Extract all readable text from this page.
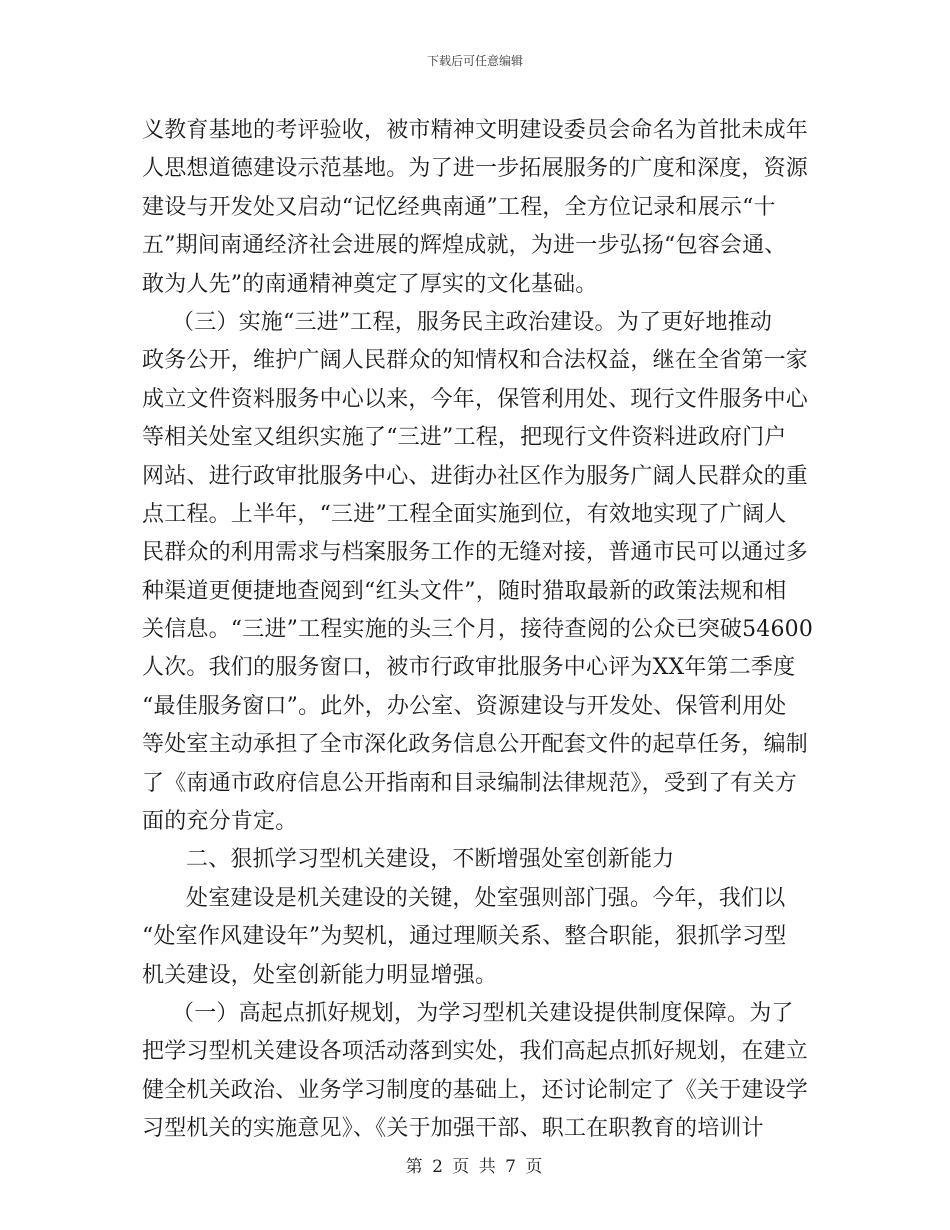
下载后可任意编辑
义教育基地的考评验收，被市精神文明建设委员会命名为首批未成年
人思想道德建设示范基地。为了进一步拓展服务的广度和深度，资源
建设与开发处又启动“记忆经典南通”工程，全方位记录和展示“十
五”期间南通经济社会进展的辉煌成就，为进一步弘扬“包容会通、
敢为人先”的南通精神奠定了厚实的文化基础。
（三）实施“三进”工程，服务民主政治建设。为了更好地推动
政务公开，维护广阔人民群众的知情权和合法权益，继在全省第一家
成立文件资料服务中心以来，今年，保管利用处、现行文件服务中心
等相关处室又组织实施了“三进”工程，把现行文件资料进政府门户
网站、进行政审批服务中心、进街办社区作为服务广阔人民群众的重
点工程。上半年，“三进”工程全面实施到位，有效地实现了广阔人
民群众的利用需求与档案服务工作的无缝对接，普通市民可以通过多
种渠道更便捷地查阅到“红头文件”，随时猎取最新的政策法规和相
关信息。“三进”工程实施的头三个月，接待查阅的公众已突破54600
人次。我们的服务窗口，被市行政审批服务中心评为XX年第二季度
“最佳服务窗口”。此外，办公室、资源建设与开发处、保管利用处
等处室主动承担了全市深化政务信息公开配套文件的起草任务，编制
了《南通市政府信息公开指南和目录编制法律规范》，受到了有关方
面的充分肯定。
二、狠抓学习型机关建设，不断增强处室创新能力
处室建设是机关建设的关键，处室强则部门强。今年，我们以
“处室作风建设年”为契机，通过理顺关系、整合职能，狠抓学习型
机关建设，处室创新能力明显增强。
（一）高起点抓好规划，为学习型机关建设提供制度保障。为了
把学习型机关建设各项活动落到实处，我们高起点抓好规划，在建立
健全机关政治、业务学习制度的基础上，还讨论制定了《关于建设学
习型机关的实施意见》、《关于加强干部、职工在职教育的培训计
第 2 页 共 7 页
